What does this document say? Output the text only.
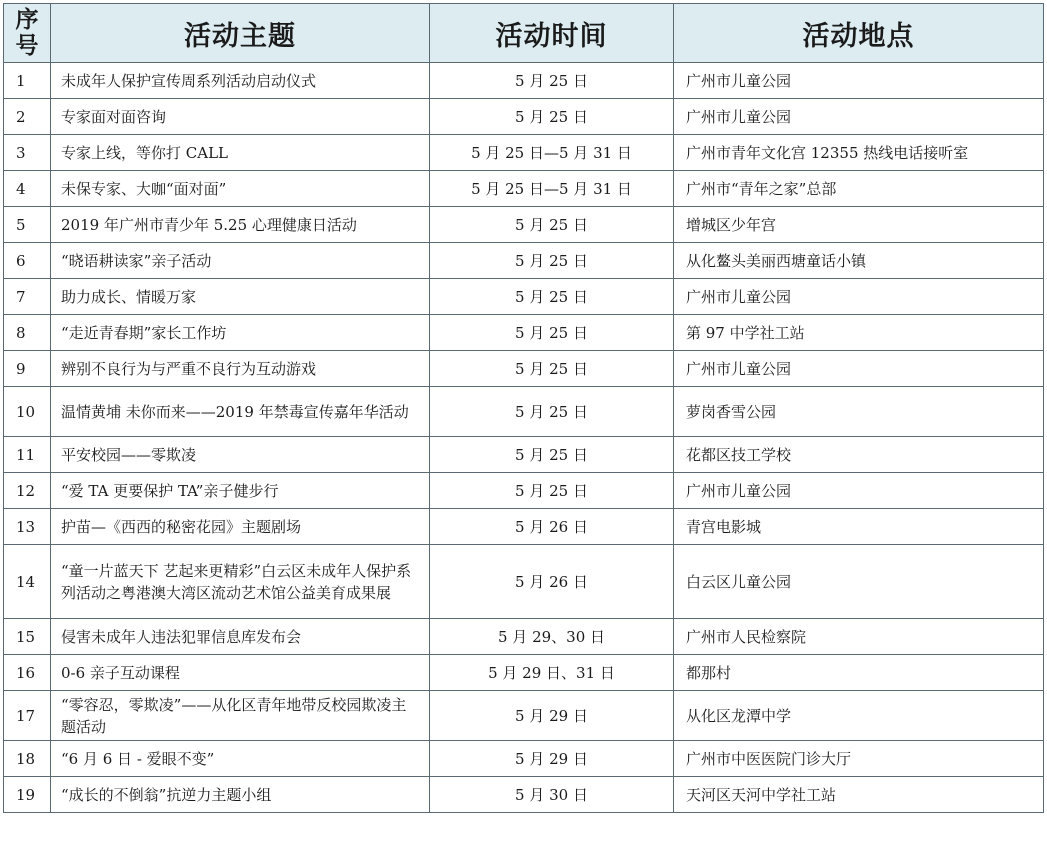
序号	活动主题	活动时间	活动地点
1	未成年人保护宣传周系列活动启动仪式	5 月 25 日	广州市儿童公园
2	专家面对面咨询	5 月 25 日	广州市儿童公园
3	专家上线，等你打 CALL	5 月 25 日—5 月 31 日	广州市青年文化宫 12355 热线电话接听室
4	未保专家、大咖“面对面”	5 月 25 日—5 月 31 日	广州市“青年之家”总部
5	2019 年广州市青少年 5.25 心理健康日活动	5 月 25 日	增城区少年宫
6	“晓语耕读家”亲子活动	5 月 25 日	从化鳌头美丽西塘童话小镇
7	助力成长、情暖万家	5 月 25 日	广州市儿童公园
8	“走近青春期”家长工作坊	5 月 25 日	第 97 中学社工站
9	辨别不良行为与严重不良行为互动游戏	5 月 25 日	广州市儿童公园
10	温情黄埔 未你而来——2019 年禁毒宣传嘉年华活动	5 月 25 日	萝岗香雪公园
11	平安校园——零欺凌	5 月 25 日	花都区技工学校
12	“爱 TA 更要保护 TA”亲子健步行	5 月 25 日	广州市儿童公园
13	护苗—《西西的秘密花园》主题剧场	5 月 26 日	青宫电影城
14	“童一片蓝天下 艺起来更精彩”白云区未成年人保护系列活动之粤港澳大湾区流动艺术馆公益美育成果展	5 月 26 日	白云区儿童公园
15	侵害未成年人违法犯罪信息库发布会	5 月 29、30 日	广州市人民检察院
16	0-6 亲子互动课程	5 月 29 日、31 日	都那村
17	“零容忍，零欺凌”——从化区青年地带反校园欺凌主题活动	5 月 29 日	从化区龙潭中学
18	“6 月 6 日 - 爱眼不变”	5 月 29 日	广州市中医医院门诊大厅
19	“成长的不倒翁”抗逆力主题小组	5 月 30 日	天河区天河中学社工站
